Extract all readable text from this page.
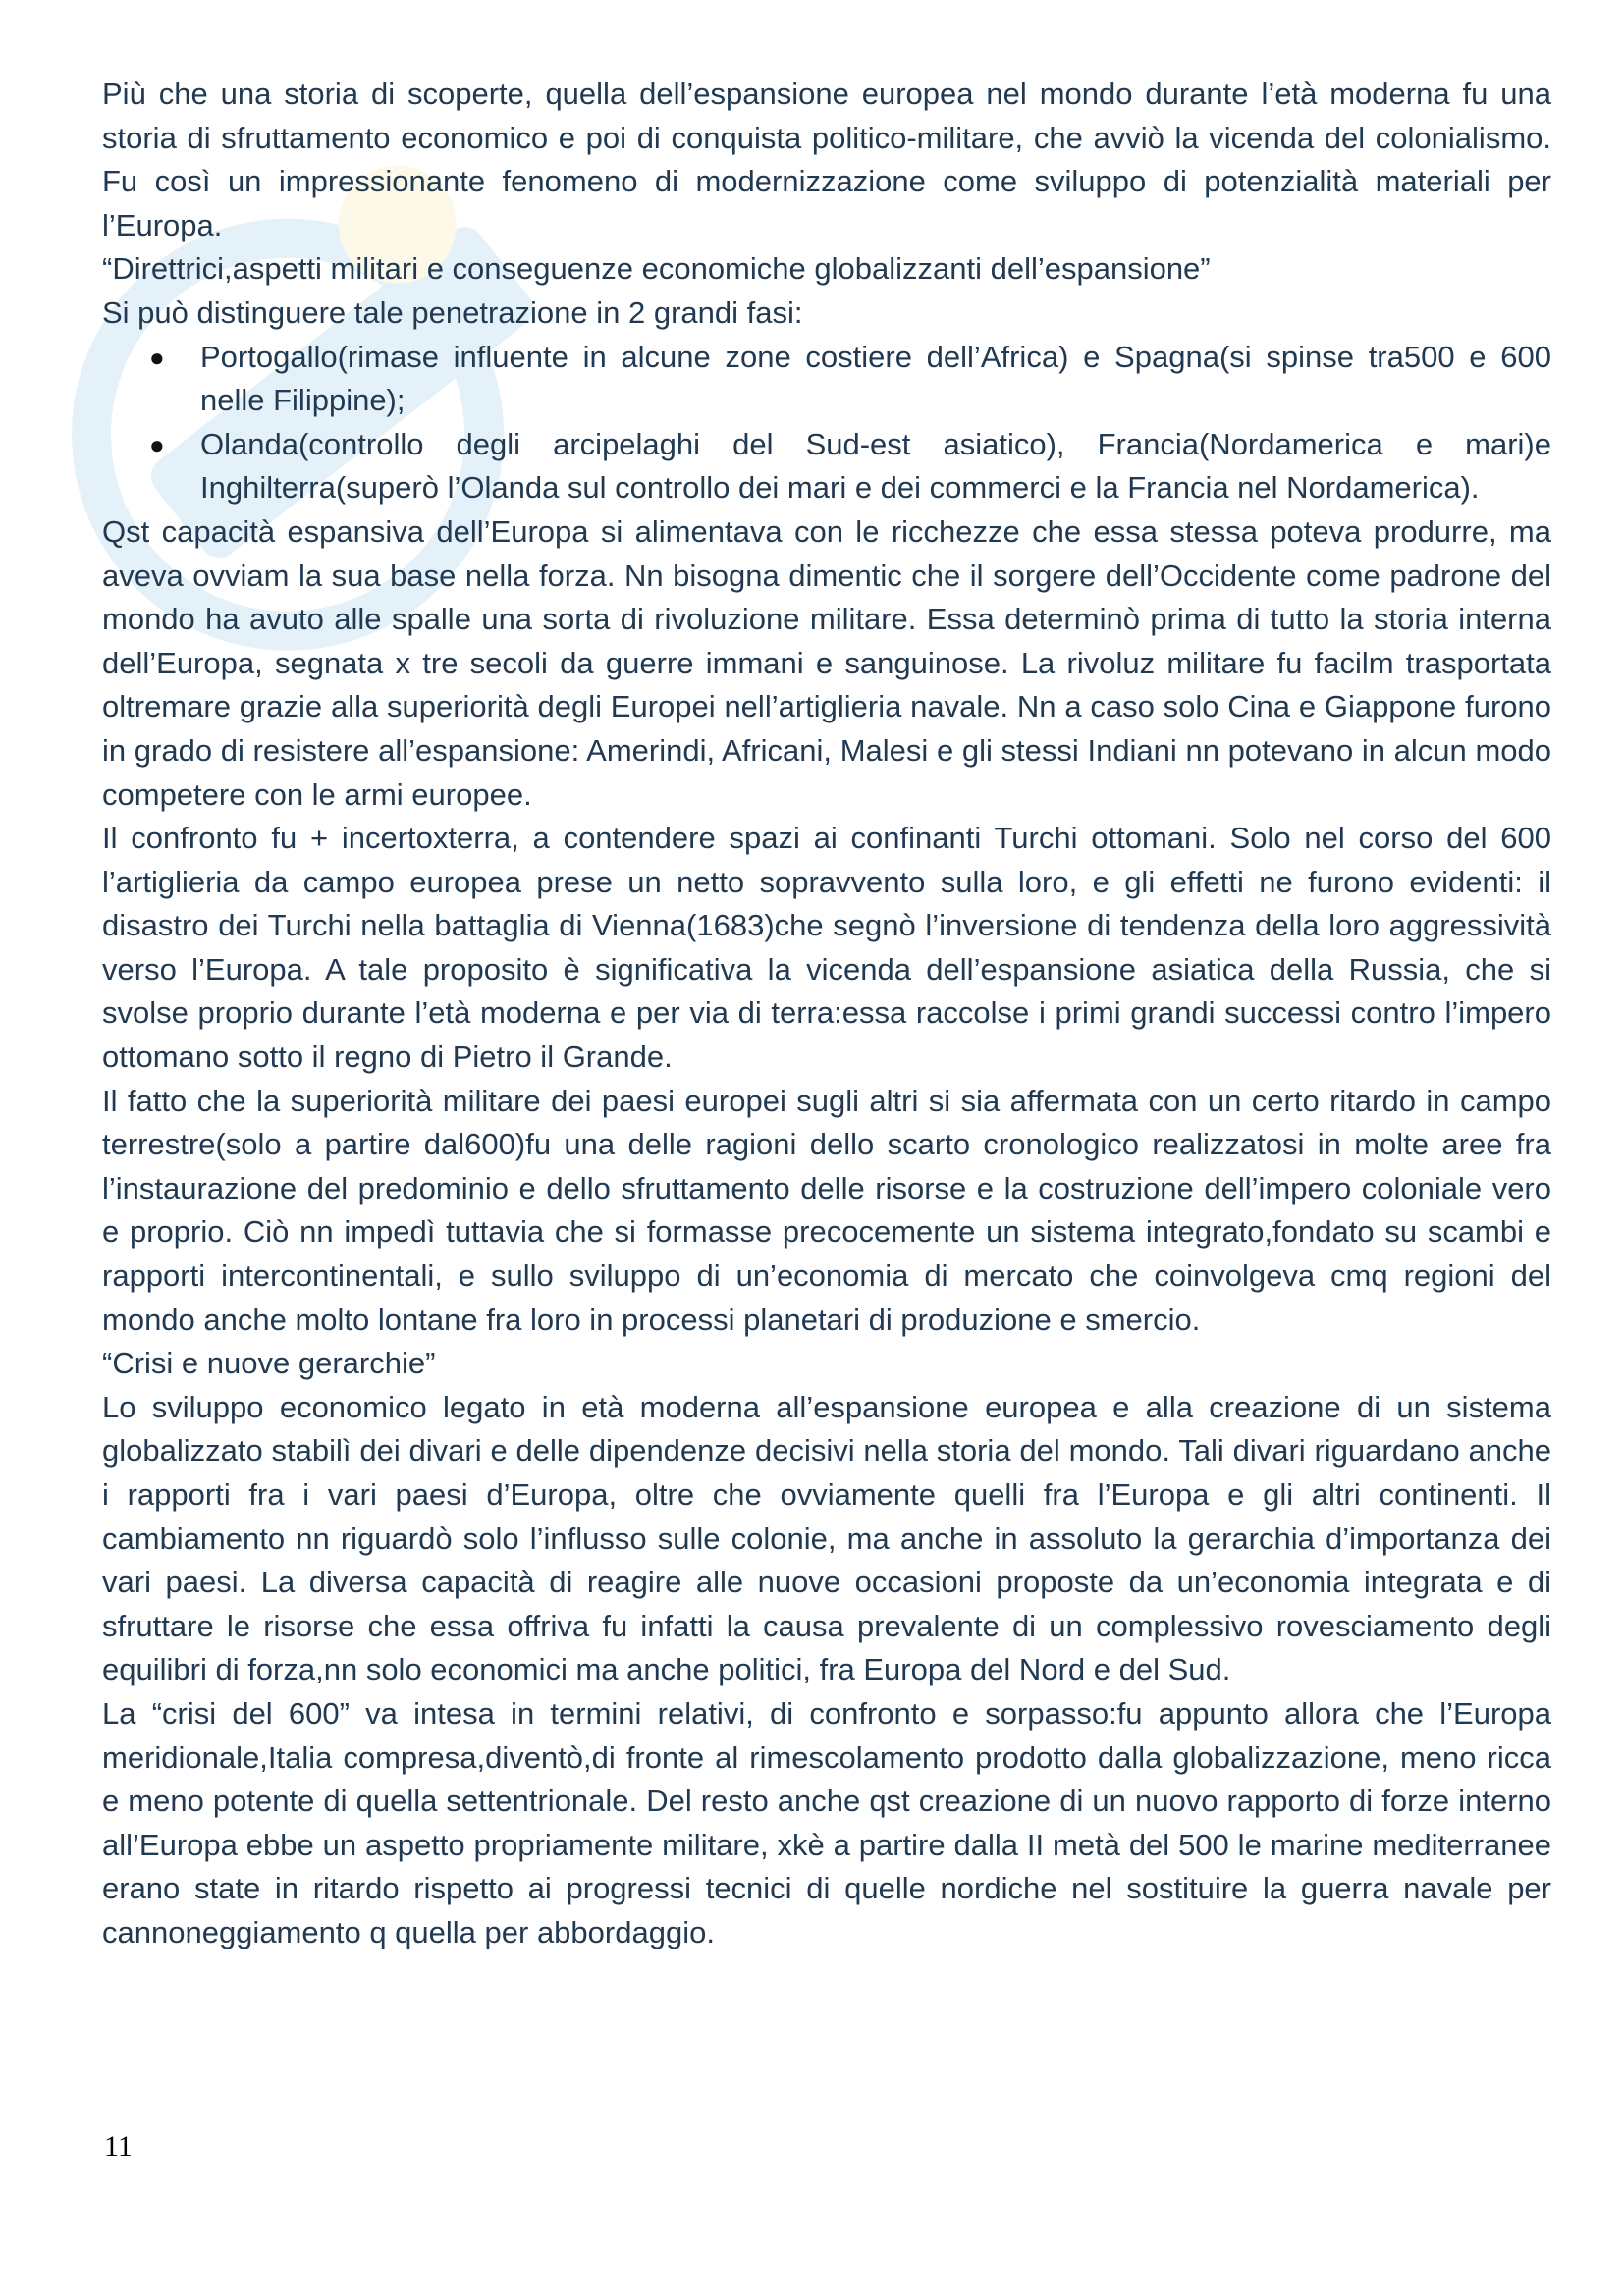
Più che una storia di scoperte, quella dell’espansione europea nel mondo durante l’età moderna fu una storia di sfruttamento economico e poi di conquista politico-militare, che avviò la vicenda del colonialismo. Fu così un impressionante fenomeno di modernizzazione come sviluppo di potenzialità materiali per l’Europa.

“Direttrici,aspetti militari e conseguenze economiche globalizzanti dell’espansione”

Si può distinguere tale penetrazione in 2 grandi fasi:

● Portogallo(rimase influente in alcune zone costiere dell’Africa) e Spagna(si spinse tra500 e 600 nelle Filippine);
● Olanda(controllo degli arcipelaghi del Sud-est asiatico), Francia(Nordamerica e mari)e Inghilterra(superò l’Olanda sul controllo dei mari e dei commerci e la Francia nel Nordamerica).

Qst capacità espansiva dell’Europa si alimentava con le ricchezze che essa stessa poteva produrre, ma aveva ovviam la sua base nella forza. Nn bisogna dimentic che il sorgere dell’Occidente come padrone del mondo ha avuto alle spalle una sorta di rivoluzione militare. Essa determinò prima di tutto la storia interna dell’Europa, segnata x tre secoli da guerre immani e sanguinose. La rivoluz militare fu facilm trasportata oltremare grazie alla superiorità degli Europei nell’artiglieria navale. Nn a caso solo Cina e Giappone furono in grado di resistere all’espansione: Amerindi, Africani, Malesi e gli stessi Indiani nn potevano in alcun modo competere con le armi europee.

Il confronto fu + incertoxterra, a contendere spazi ai confinanti Turchi ottomani. Solo nel corso del 600 l’artiglieria da campo europea prese un netto sopravvento sulla loro, e gli effetti ne furono evidenti: il disastro dei Turchi nella battaglia di Vienna(1683)che segnò l’inversione di tendenza della loro aggressività verso l’Europa. A tale proposito è significativa la vicenda dell’espansione asiatica della Russia, che si svolse proprio durante l’età moderna e per via di terra:essa raccolse i primi grandi successi contro l’impero ottomano sotto il regno di Pietro il Grande.

Il fatto che la superiorità militare dei paesi europei sugli altri si sia affermata con un certo ritardo in campo terrestre(solo a partire dal600)fu una delle ragioni dello scarto cronologico realizzatosi in molte aree fra l’instaurazione del predominio e dello sfruttamento delle risorse e la costruzione dell’impero coloniale vero e proprio. Ciò nn impedì tuttavia che si formasse precocemente un sistema integrato,fondato su scambi e rapporti intercontinentali, e sullo sviluppo di un’economia di mercato che coinvolgeva cmq regioni del mondo anche molto lontane fra loro in processi planetari di produzione e smercio.

“Crisi e nuove gerarchie”

Lo sviluppo economico legato in età moderna all’espansione europea e alla creazione di un sistema globalizzato stabilì dei divari e delle dipendenze decisivi nella storia del mondo. Tali divari riguardano anche i rapporti fra i vari paesi d’Europa, oltre che ovviamente quelli fra l’Europa e gli altri continenti. Il cambiamento nn riguardò solo l’influsso sulle colonie, ma anche in assoluto la gerarchia d’importanza dei vari paesi. La diversa capacità di reagire alle nuove occasioni proposte da un’economia integrata e di sfruttare le risorse che essa offriva fu infatti la causa prevalente di un complessivo rovesciamento degli equilibri di forza,nn solo economici ma anche politici, fra Europa del Nord e del Sud.

La “crisi del 600” va intesa in termini relativi, di confronto e sorpasso:fu appunto allora che l’Europa meridionale,Italia compresa,diventò,di fronte al rimescolamento prodotto dalla globalizzazione, meno ricca e meno potente di quella settentrionale. Del resto anche qst creazione di un nuovo rapporto di forze interno all’Europa ebbe un aspetto propriamente militare, xkè a partire dalla II metà del 500 le marine mediterranee erano state in ritardo rispetto ai progressi tecnici di quelle nordiche nel sostituire la guerra navale per cannoneggiamento q quella per abbordaggio.

11
